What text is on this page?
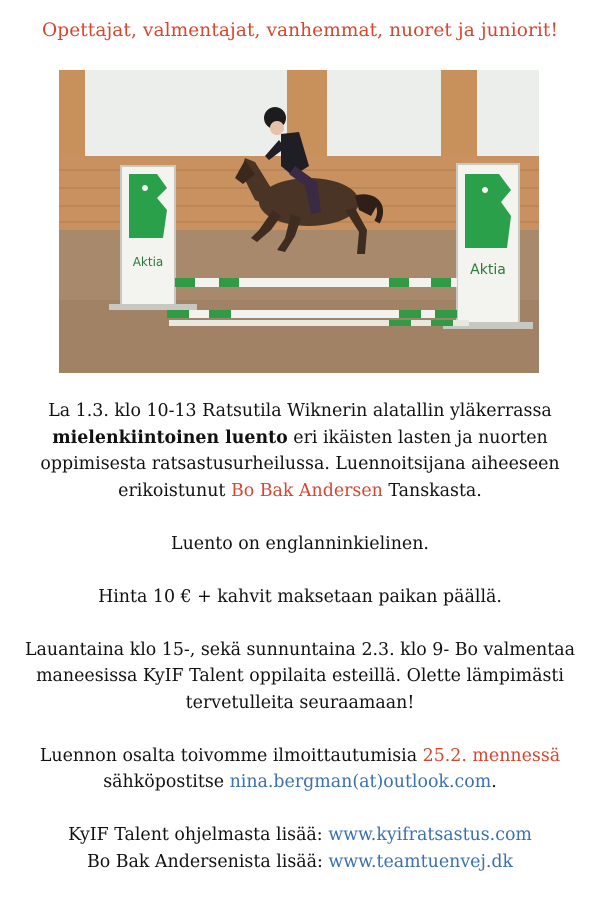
Opettajat, valmentajat, vanhemmat, nuoret ja juniorit!
Aktia	Aktia
La 1.3. klo 10-13 Ratsutila Wiknerin alatallin yläkerrassa
mielenkiintoinen luento eri ikäisten lasten ja nuorten
oppimisesta ratsastusurheilussa. Luennoitsijana aiheeseen
erikoistunut Bo Bak Andersen Tanskasta.
Luento on englanninkielinen.
Hinta 10 € + kahvit maksetaan paikan päällä.
Lauantaina klo 15-, sekä sunnuntaina 2.3. klo 9- Bo valmentaa
maneesissa KyIF Talent oppilaita esteillä. Olette lämpimästi
tervetulleita seuraamaan!
Luennon osalta toivomme ilmoittautumisia 25.2. mennessä
sähköpostitse nina.bergman(at)outlook.com.
KyIF Talent ohjelmasta lisää: www.kyifratsastus.com
Bo Bak Andersenista lisää: www.teamtuenvej.dk
